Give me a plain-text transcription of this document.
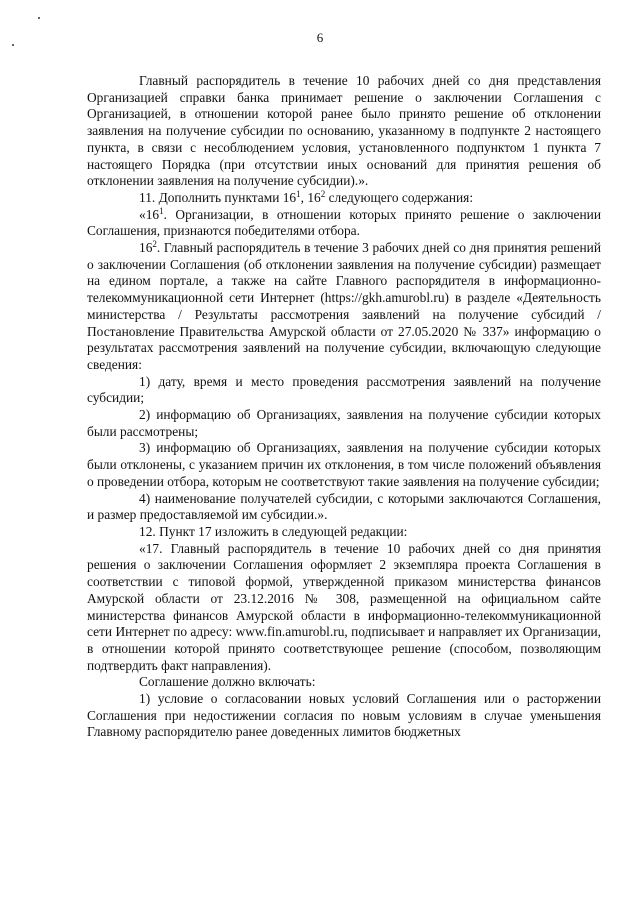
6

Главный распорядитель в течение 10 рабочих дней со дня представления Организацией справки банка принимает решение о заключении Соглашения с Организацией, в отношении которой ранее было принято решение об отклонении заявления на получение субсидии по основанию, указанному в подпункте 2 настоящего пункта, в связи с несоблюдением условия, установленного подпунктом 1 пункта 7 настоящего Порядка (при отсутствии иных оснований для принятия решения об отклонении заявления на получение субсидии).».

11. Дополнить пунктами $16^1$, $16^2$ следующего содержания:

«$16^1$. Организации, в отношении которых принято решение о заключении Соглашения, признаются победителями отбора.

$16^2$. Главный распорядитель в течение 3 рабочих дней со дня принятия решений о заключении Соглашения (об отклонении заявления на получение субсидии) размещает на едином портале, а также на сайте Главного распорядителя в информационно-телекоммуникационной сети Интернет (https://gkh.amurobl.ru) в разделе «Деятельность министерства / Результаты рассмотрения заявлений на получение субсидий / Постановление Правительства Амурской области от 27.05.2020 № 337» информацию о результатах рассмотрения заявлений на получение субсидии, включающую следующие сведения:

1) дату, время и место проведения рассмотрения заявлений на получение субсидии;

2) информацию об Организациях, заявления на получение субсидии которых были рассмотрены;

3) информацию об Организациях, заявления на получение субсидии которых были отклонены, с указанием причин их отклонения, в том числе положений объявления о проведении отбора, которым не соответствуют такие заявления на получение субсидии;

4) наименование получателей субсидии, с которыми заключаются Соглашения, и размер предоставляемой им субсидии.».

12. Пункт 17 изложить в следующей редакции:

«17. Главный распорядитель в течение 10 рабочих дней со дня принятия решения о заключении Соглашения оформляет 2 экземпляра проекта Соглашения в соответствии с типовой формой, утвержденной приказом министерства финансов Амурской области от 23.12.2016 № 308, размещенной на официальном сайте министерства финансов Амурской области в информационно-телекоммуникационной сети Интернет по адресу: www.fin.amurobl.ru, подписывает и направляет их Организации, в отношении которой принято соответствующее решение (способом, позволяющим подтвердить факт направления).

Соглашение должно включать:

1) условие о согласовании новых условий Соглашения или о расторжении Соглашения при недостижении согласия по новым условиям в случае уменьшения Главному распорядителю ранее доведенных лимитов бюджетных
